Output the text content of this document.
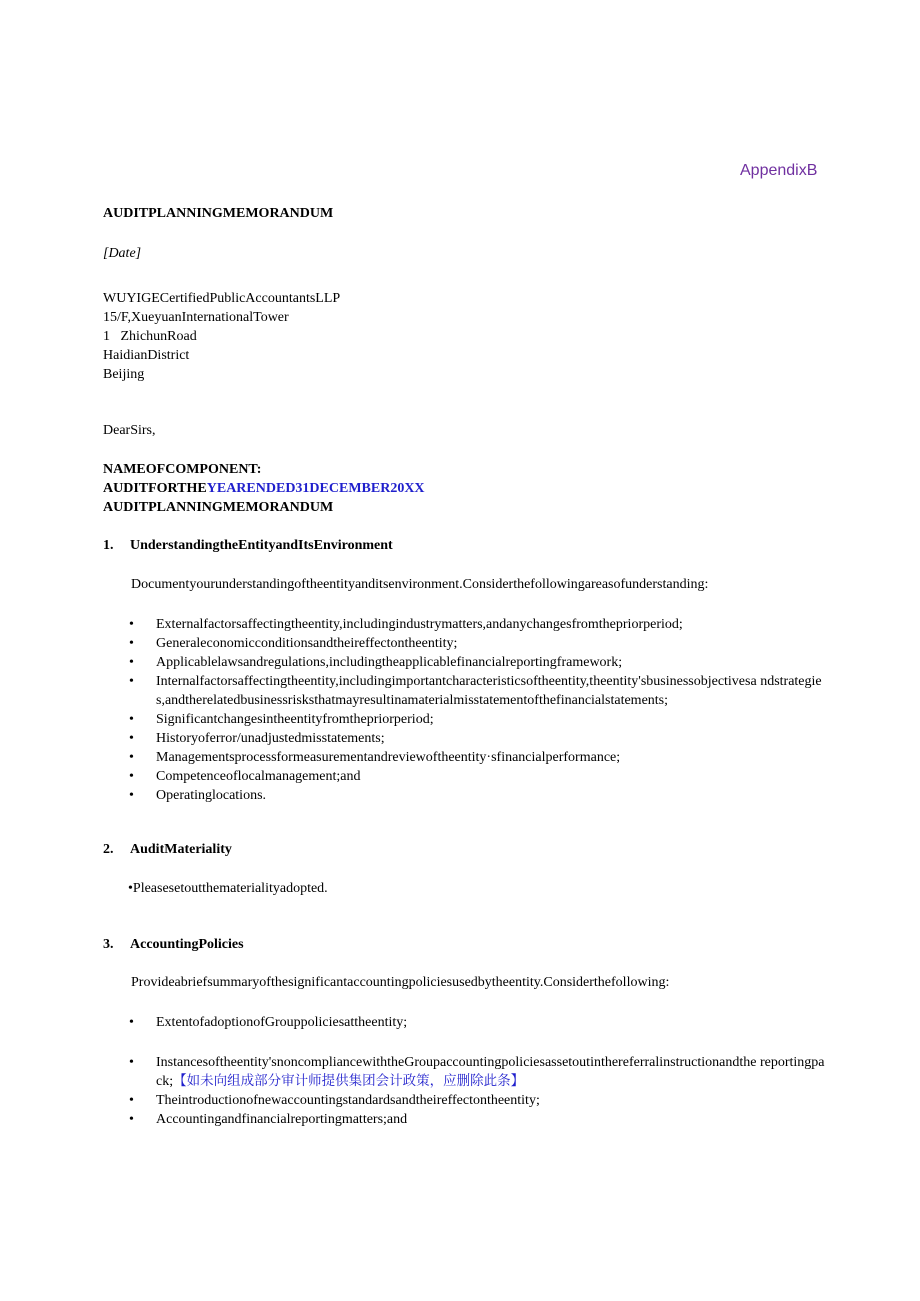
AppendixB
AUDITPLANNINGMEMORANDUM
[Date]
WUYIGECertifiedPublicAccountantsLLP
15/F,XueyuanInternationalTower
1   ZhichunRoad
HaidianDistrict
Beijing
DearSirs,
NAMEOFCOMPONENT:
AUDITFORTHEYEARENDED31DECEMBER20XX
AUDITPLANNINGMEMORANDUM
1. UnderstandingtheEntityandItsEnvironment
Documentyourunderstandingoftheentityanditsenvironment.Considerthefollowingareasofunderstanding:
• Externalfactorsaffectingtheentity,includingindustrymatters,andanychangesfromthepriorperiod;
• Generaleconomicconditionsandtheireffectontheentity;
• Applicablelawsandregulations,includingtheapplicablefinancialreportingframework;
• Internalfactorsaffectingtheentity,includingimportantcharacteristicsoftheentity,theentity'sbusinessobjectivesa ndstrategies,andtherelatedbusinessrisksthatmayresultinamaterialmisstatementofthefinancialstatements;
• Significantchangesintheentityfromthepriorperiod;
• Historyoferror/unadjustedmisstatements;
• Managementsprocessformeasurementandreviewoftheentity·sfinancialperformance;
• Competenceoflocalmanagement;and
• Operatinglocations.
2. AuditMateriality
•Pleasesetoutthematerialityadopted.
3. AccountingPolicies
Provideabriefsummaryofthesignificantaccountingpoliciesusedbytheentity.Considerthefollowing:
• ExtentofadoptionofGrouppoliciesattheentity;
• Instancesoftheentity'snoncompliancewiththeGroupaccountingpoliciesassetoutinthereferralinstructionandthe reportingpack;【如未向组成部分审计师提供集团会计政策，应删除此条】
• Theintroductionofnewaccountingstandardsandtheireffectontheentity;
• Accountingandfinancialreportingmatters;and
